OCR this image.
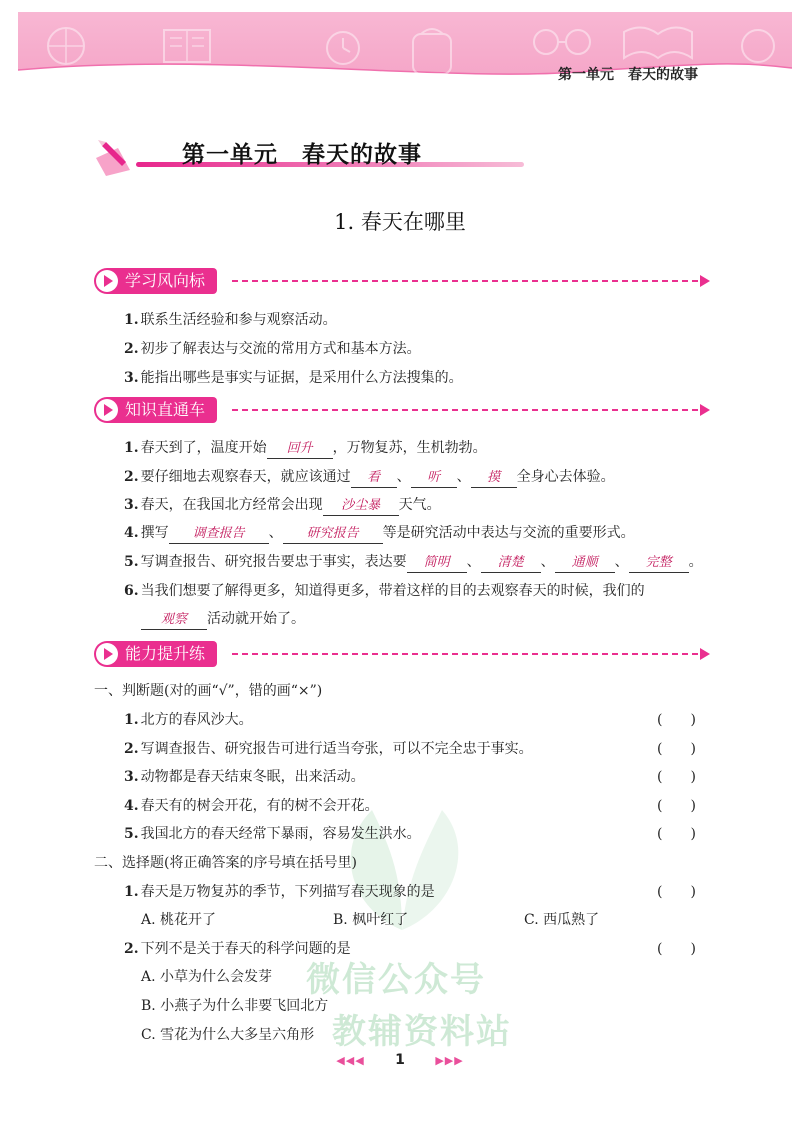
第一单元　春天的故事
第一单元　春天的故事
1. 春天在哪里
学习风向标
1. 联系生活经验和参与观察活动。
2. 初步了解表达与交流的常用方式和基本方法。
3. 能指出哪些是事实与证据，是采用什么方法搜集的。
知识直通车
1. 春天到了，温度开始 回升 ，万物复苏，生机勃勃。
2. 要仔细地去观察春天，就应该通过 看 、 听 、 摸 全身心去体验。
3. 春天，在我国北方经常会出现 沙尘暴 天气。
4. 撰写 调查报告 、 研究报告 等是研究活动中表达与交流的重要形式。
5. 写调查报告、研究报告要忠于事实，表达要 简明 、 清楚 、 通顺 、 完整 。
6. 当我们想要了解得更多，知道得更多，带着这样的目的去观察春天的时候，我们的
观察 活动就开始了。
能力提升练
微信公众号
教辅资料站
一、判断题(对的画“√”，错的画“×”)
1. 北方的春风沙大。	(　　)
2. 写调查报告、研究报告可进行适当夸张，可以不完全忠于事实。	(　　)
3. 动物都是春天结束冬眠，出来活动。	(　　)
4. 春天有的树会开花，有的树不会开花。	(　　)
5. 我国北方的春天经常下暴雨，容易发生洪水。	(　　)
二、选择题(将正确答案的序号填在括号里)
1. 春天是万物复苏的季节，下列描写春天现象的是	(　　)
A. 桃花开了	B. 枫叶红了	C. 西瓜熟了
2. 下列不是关于春天的科学问题的是	(　　)
A. 小草为什么会发芽
B. 小燕子为什么非要飞回北方
C. 雪花为什么大多呈六角形
◀◀◀ 1	▶▶▶
